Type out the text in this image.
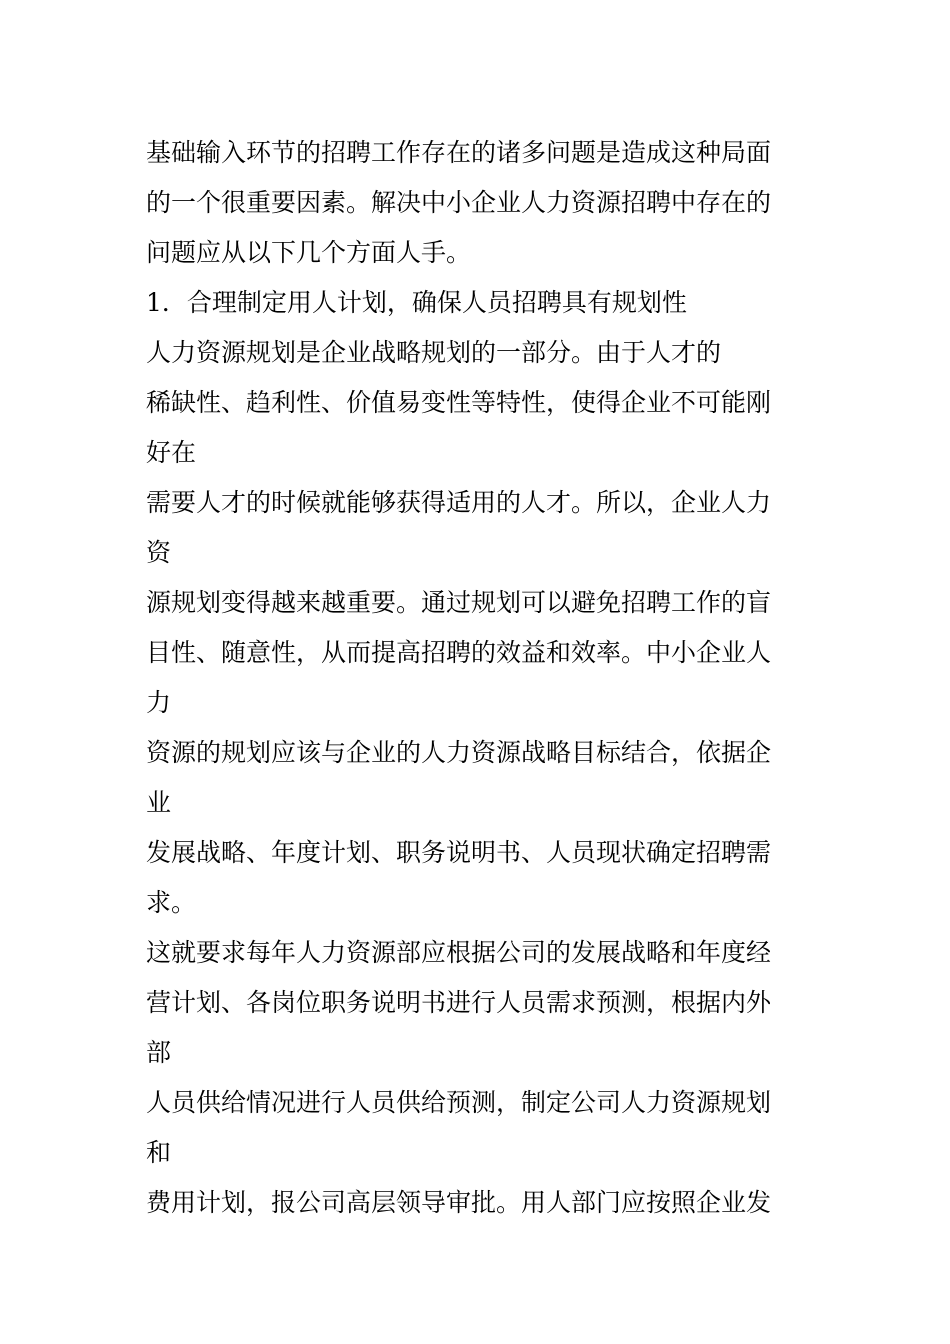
基础输入环节的招聘工作存在的诸多问题是造成这种局面
的一个很重要因素。解决中小企业人力资源招聘中存在的
问题应从以下几个方面人手。
1．合理制定用人计划，确保人员招聘具有规划性
人力资源规划是企业战略规划的一部分。由于人才的
稀缺性、趋利性、价值易变性等特性，使得企业不可能刚
好在
需要人才的时候就能够获得适用的人才。所以，企业人力
资
源规划变得越来越重要。通过规划可以避免招聘工作的盲
目性、随意性，从而提高招聘的效益和效率。中小企业人
力
资源的规划应该与企业的人力资源战略目标结合，依据企
业
发展战略、年度计划、职务说明书、人员现状确定招聘需
求。
这就要求每年人力资源部应根据公司的发展战略和年度经
营计划、各岗位职务说明书进行人员需求预测，根据内外
部
人员供给情况进行人员供给预测，制定公司人力资源规划
和
费用计划，报公司高层领导审批。用人部门应按照企业发
